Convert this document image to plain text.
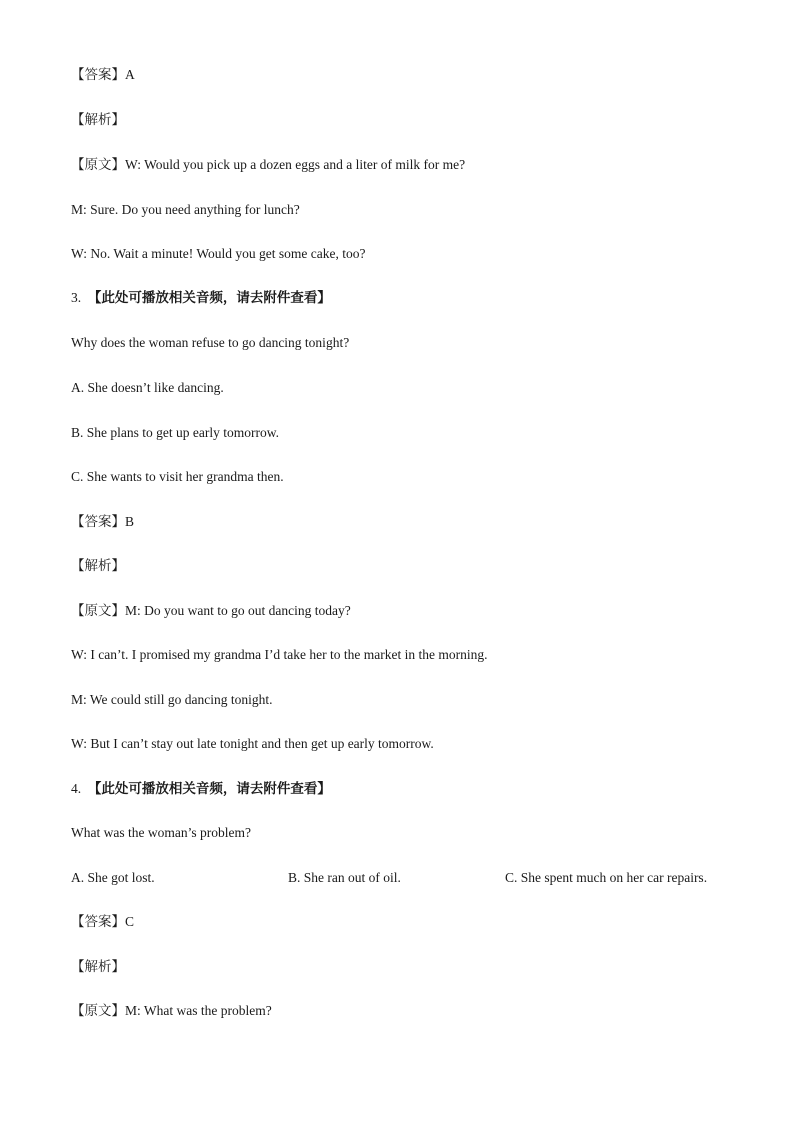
【答案】A
【解析】
【原文】W: Would you pick up a dozen eggs and a liter of milk for me?
M: Sure. Do you need anything for lunch?
W: No. Wait a minute! Would you get some cake, too?
3. 【此处可播放相关音频，请去附件查看】
Why does the woman refuse to go dancing tonight?
A. She doesn’t like dancing.
B. She plans to get up early tomorrow.
C. She wants to visit her grandma then.
【答案】B
【解析】
【原文】M: Do you want to go out dancing today?
W: I can’t. I promised my grandma I’d take her to the market in the morning.
M: We could still go dancing tonight.
W: But I can’t stay out late tonight and then get up early tomorrow.
4. 【此处可播放相关音频，请去附件查看】
What was the woman’s problem?
A. She got lost.	B. She ran out of oil.	C. She spent much on her car repairs.
【答案】C
【解析】
【原文】M: What was the problem?
